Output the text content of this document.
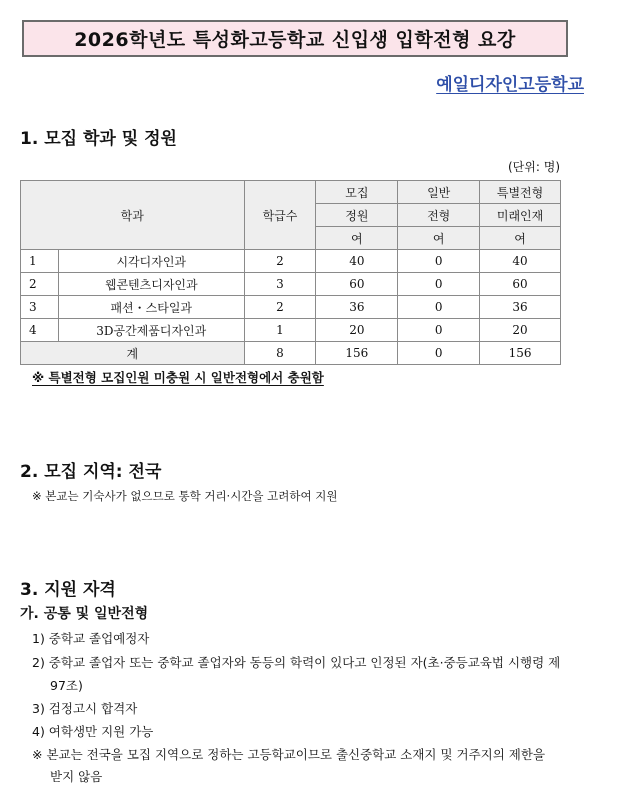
2026학년도 특성화고등학교 신입생 입학전형 요강
예일디자인고등학교
1. 모집 학과 및 정원
(단위: 명)
학과		학급수	모집	일반	특별전형
			정원	전형	미래인재
			여	여	여
1	시각디자인과	2	40	0	40
2	웹콘텐츠디자인과	3	60	0	60
3	패션・스타일과	2	36	0	36
4	3D공간제품디자인과	1	20	0	20
계		8	156	0	156
※ 특별전형 모집인원 미충원 시 일반전형에서 충원함
2. 모집 지역: 전국
※ 본교는 기숙사가 없으므로 통학 거리·시간을 고려하여 지원
3. 지원 자격
가. 공통 및 일반전형
1) 중학교 졸업예정자
2) 중학교 졸업자 또는 중학교 졸업자와 동등의 학력이 있다고 인정된 자(초·중등교육법 시행령 제
97조)
3) 검정고시 합격자
4) 여학생만 지원 가능
※ 본교는 전국을 모집 지역으로 정하는 고등학교이므로 출신중학교 소재지 및 거주지의 제한을
받지 않음
